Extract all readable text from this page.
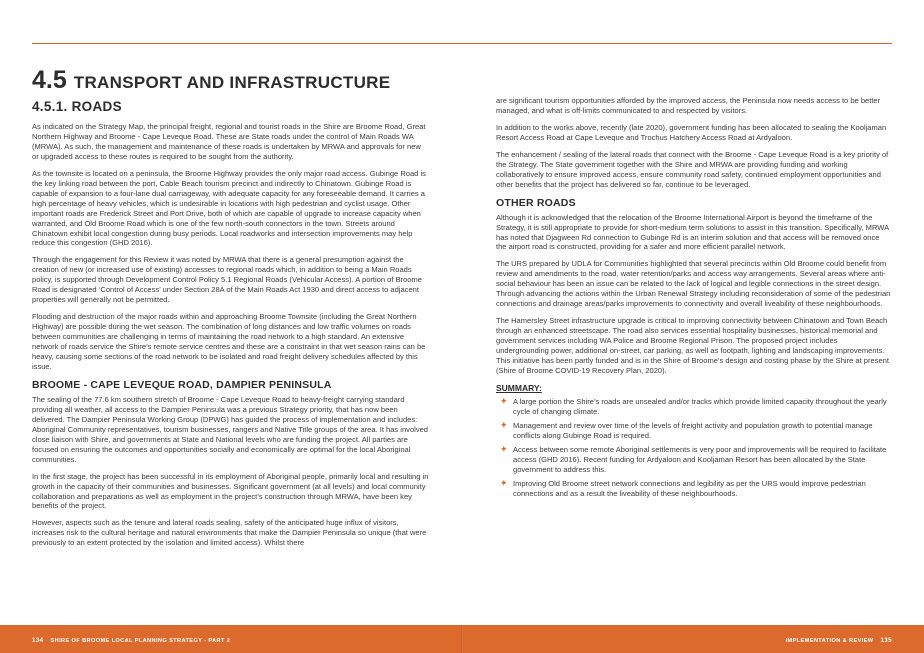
4.5 TRANSPORT AND INFRASTRUCTURE
4.5.1. ROADS

As indicated on the Strategy Map, the principal freight, regional and tourist roads in the Shire are Broome Road, Great Northern Highway and Broome - Cape Leveque Road. These are State roads under the control of Main Roads WA (MRWA). As such, the management and maintenance of these roads is undertaken by MRWA and approvals for new or upgraded access to these routes is required to be sought from the authority.

As the townsite is located on a peninsula, the Broome Highway provides the only major road access. Gubinge Road is the key linking road between the port, Cable Beach tourism precinct and indirectly to Chinatown. Gubinge Road is capable of expansion to a four-lane dual carriageway, with adequate capacity for any foreseeable demand. It carries a high percentage of heavy vehicles, which is undesirable in locations with high pedestrian and cyclist usage. Other important roads are Frederick Street and Port Drive, both of which are capable of upgrade to increase capacity when warranted, and Old Broome Road which is one of the few north-south connectors in the town. Streets around Chinatown exhibit local congestion during busy periods. Local roadworks and intersection improvements may help reduce this congestion (GHD 2016).

Through the engagement for this Review it was noted by MRWA that there is a general presumption against the creation of new (or increased use of existing) accesses to regional roads which, in addition to being a Main Roads policy, is supported through Development Control Policy 5.1 Regional Roads (Vehicular Access). A portion of Broome Road is designated ‘Control of Access’ under Section 28A of the Main Roads Act 1930 and direct access to adjacent properties will generally not be permitted.

Flooding and destruction of the major roads within and approaching Broome Townsite (including the Great Northern Highway) are possible during the wet season. The combination of long distances and low traffic volumes on roads between communities are challenging in terms of maintaining the road network to a high standard. An extensive network of roads service the Shire’s remote service centres and these are a constraint in that wet season rains can be heavy, causing some sections of the road network to be isolated and road freight delivery schedules affected by this issue.

BROOME - CAPE LEVEQUE ROAD, DAMPIER PENINSULA

The sealing of the 77.6 km southern stretch of Broome - Cape Leveque Road to heavy-freight carrying standard providing all weather, all access to the Dampier Peninsula was a previous Strategy priority, that has now been delivered. The Dampier Peninsula Working Group (DPWG) has guided the process of implementation and includes: Aboriginal Community representatives, tourism businesses, rangers and Native Title groups of the area. It has involved close liaison with Shire, and governments at State and National levels who are funding the project. All parties are focused on ensuring the outcomes and opportunities socially and economically are optimal for the local Aboriginal communities.

In the first stage, the project has been successful in its employment of Aboriginal people, primarily local and resulting in growth in the capacity of their communities and businesses. Significant government (at all levels) and local community collaboration and preparations as well as employment in the project’s construction through MRWA, have been key benefits of the project.

However, aspects such as the tenure and lateral roads sealing, safety of the anticipated huge influx of visitors, increases risk to the cultural heritage and natural environments that make the Dampier Peninsula so unique (that were previously to an extent protected by the isolation and limited access). Whilst there

are significant tourism opportunities afforded by the improved access, the Peninsula now needs access to be better managed, and what is off-limits communicated to and respected by visitors.

In addition to the works above, recently (late 2020), government funding has been allocated to sealing the Kooljaman Resort Access Road at Cape Leveque and Trochus Hatchery Access Road at Ardyaloon.

The enhancement / sealing of the lateral roads that connect with the Broome - Cape Leveque Road is a key priority of the Strategy. The State government together with the Shire and MRWA are providing funding and working collaboratively to ensure improved access, ensure community road safety, continued employment opportunities and other benefits that the project has delivered so far, continue to be leveraged.

OTHER ROADS

Although it is acknowledged that the relocation of the Broome International Airport is beyond the timeframe of the Strategy, it is still appropriate to provide for short-medium term solutions to assist in this transition. Specifically, MRWA has noted that Djagween Rd connection to Gubinge Rd is an interim solution and that access will be removed once the airport road is constructed, providing for a safer and more efficient parallel network.

The URS prepared by UDLA for Communities highlighted that several precincts within Old Broome could benefit from review and amendments to the road, water retention/parks and access way arrangements. Several areas where anti-social behaviour has been an issue can be related to the lack of logical and legible connections in the street design. Through advancing the actions within the Urban Renewal Strategy including reconsideration of some of the pedestrian connections and drainage areas/parks improvements to connectivity and overall liveability of these neighbourhoods.

The Hamersley Street infrastructure upgrade is critical to improving connectivity between Chinatown and Town Beach through an enhanced streetscape. The road also services essential hospitality businesses, historical memorial and government services including WA Police and Broome Regional Prison. The proposed project includes undergrounding power, additional on-street, car parking, as well as footpath, lighting and landscaping improvements. This initiative has been partly funded and is in the Shire of Broome’s design and costing phase by the Shire at present (Shire of Broome COVID-19 Recovery Plan, 2020).

SUMMARY:
✦ A large portion the Shire’s roads are unsealed and/or tracks which provide limited capacity throughout the yearly cycle of changing climate.
✦ Management and review over time of the levels of freight activity and population growth to potential manage conflicts along Gubinge Road is required.
✦ Access between some remote Aboriginal settlements is very poor and improvements will be required to facilitate access (GHD 2016). Recent funding for Ardyaloon and Kooljaman Resort has been allocated by the State government to address this.
✦ Improving Old Broome street network connections and legibility as per the URS would improve pedestrian connections and as a result the liveability of these neighbourhoods.
134 SHIRE OF BROOME LOCAL PLANNING STRATEGY - PART 2	IMPLEMENTATION & REVIEW 135
